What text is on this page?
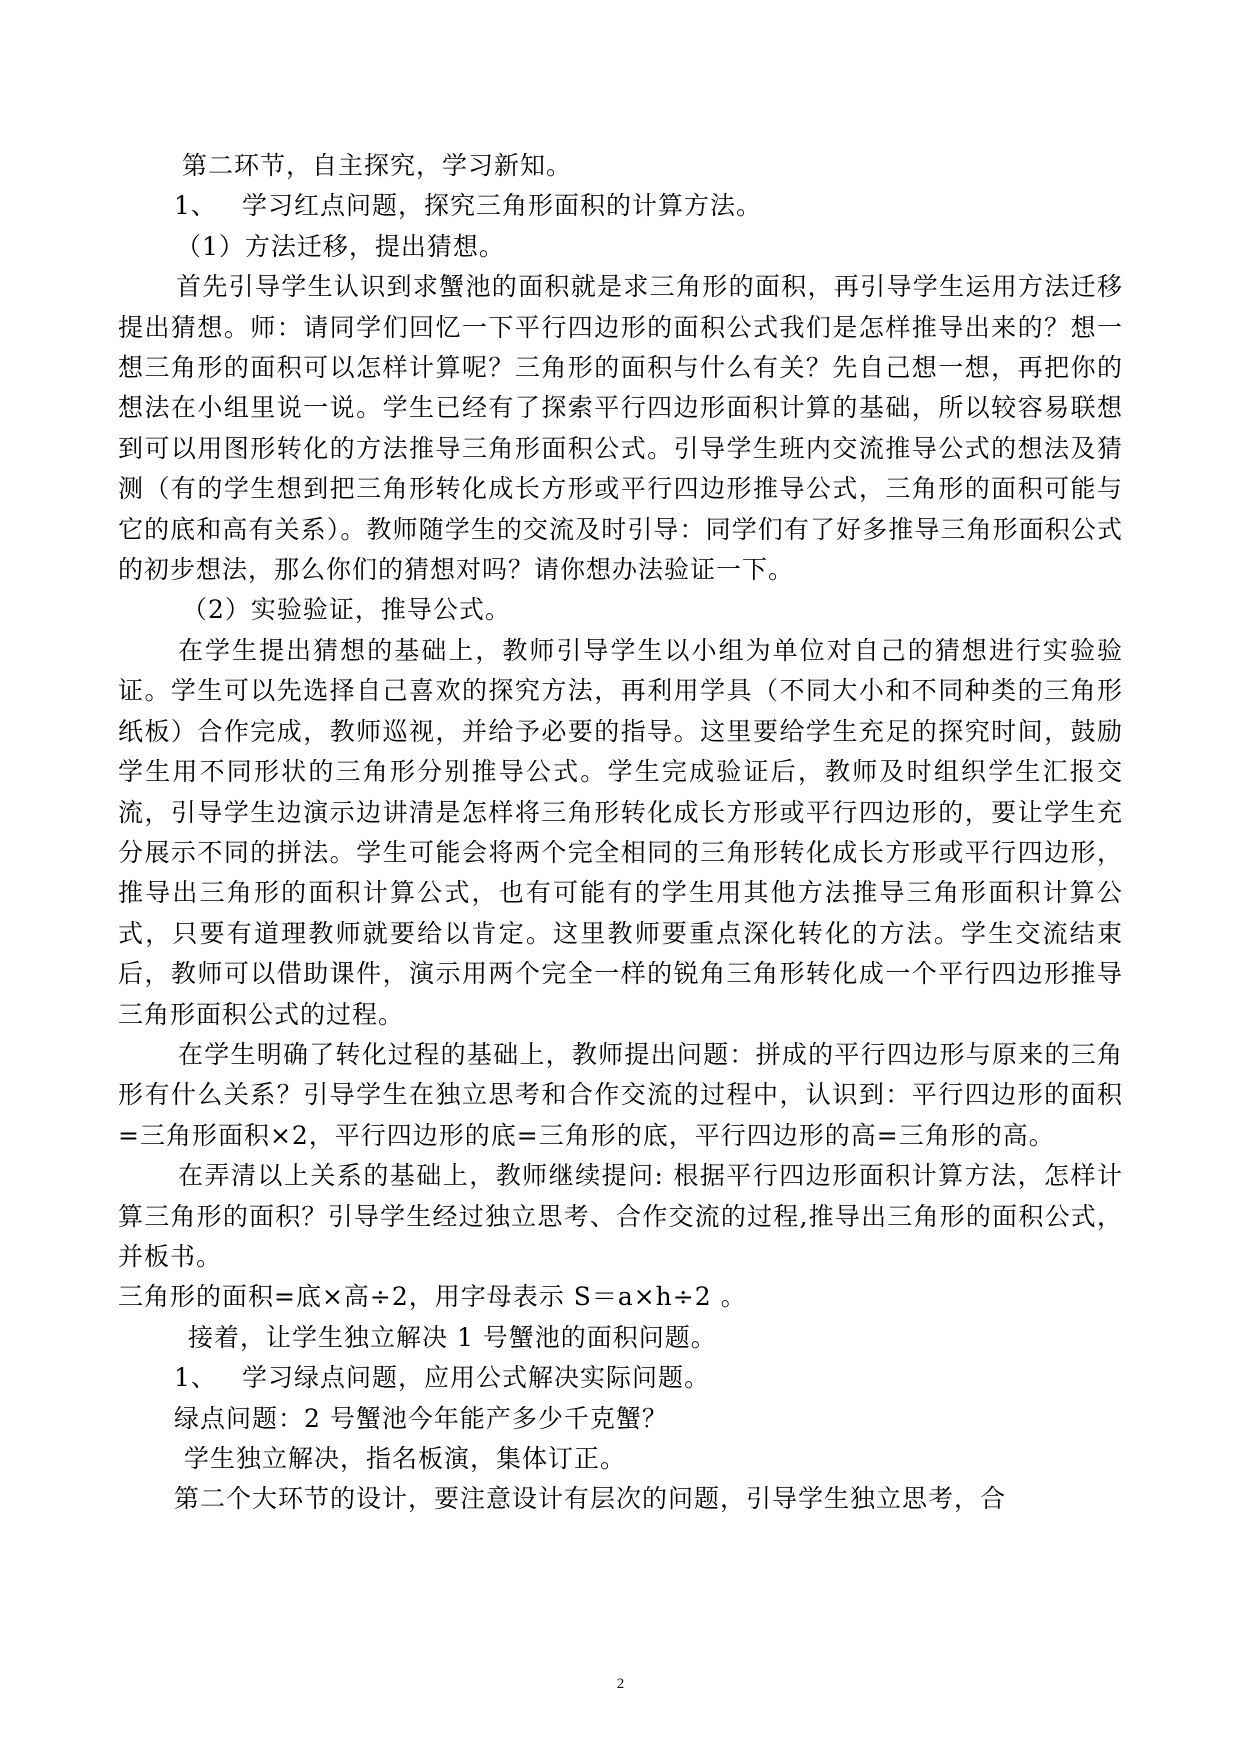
第二环节，自主探究，学习新知。

1、 学习红点问题，探究三角形面积的计算方法。

（1）方法迁移，提出猜想。

首先引导学生认识到求蟹池的面积就是求三角形的面积，再引导学生运用方法迁移提出猜想。师：请同学们回忆一下平行四边形的面积公式我们是怎样推导出来的？想一想三角形的面积可以怎样计算呢？三角形的面积与什么有关？先自己想一想，再把你的想法在小组里说一说。学生已经有了探索平行四边形面积计算的基础，所以较容易联想到可以用图形转化的方法推导三角形面积公式。引导学生班内交流推导公式的想法及猜测（有的学生想到把三角形转化成长方形或平行四边形推导公式，三角形的面积可能与它的底和高有关系）。教师随学生的交流及时引导：同学们有了好多推导三角形面积公式的初步想法，那么你们的猜想对吗？请你想办法验证一下。

（2）实验验证，推导公式。

在学生提出猜想的基础上，教师引导学生以小组为单位对自己的猜想进行实验验证。学生可以先选择自己喜欢的探究方法，再利用学具（不同大小和不同种类的三角形纸板）合作完成，教师巡视，并给予必要的指导。这里要给学生充足的探究时间，鼓励学生用不同形状的三角形分别推导公式。学生完成验证后，教师及时组织学生汇报交流，引导学生边演示边讲清是怎样将三角形转化成长方形或平行四边形的，要让学生充分展示不同的拼法。学生可能会将两个完全相同的三角形转化成长方形或平行四边形，推导出三角形的面积计算公式，也有可能有的学生用其他方法推导三角形面积计算公式，只要有道理教师就要给以肯定。这里教师要重点深化转化的方法。学生交流结束后，教师可以借助课件，演示用两个完全一样的锐角三角形转化成一个平行四边形推导三角形面积公式的过程。

在学生明确了转化过程的基础上，教师提出问题：拼成的平行四边形与原来的三角形有什么关系？引导学生在独立思考和合作交流的过程中，认识到：平行四边形的面积=三角形面积×2，平行四边形的底=三角形的底，平行四边形的高=三角形的高。

在弄清以上关系的基础上，教师继续提问: 根据平行四边形面积计算方法，怎样计算三角形的面积？引导学生经过独立思考、合作交流的过程,推导出三角形的面积公式，并板书。

三角形的面积=底×高÷2，用字母表示 S＝a×h÷2 。

接着，让学生独立解决 1 号蟹池的面积问题。

1、 学习绿点问题，应用公式解决实际问题。

绿点问题：2 号蟹池今年能产多少千克蟹？

学生独立解决，指名板演，集体订正。

第二个大环节的设计，要注意设计有层次的问题，引导学生独立思考，合

2
